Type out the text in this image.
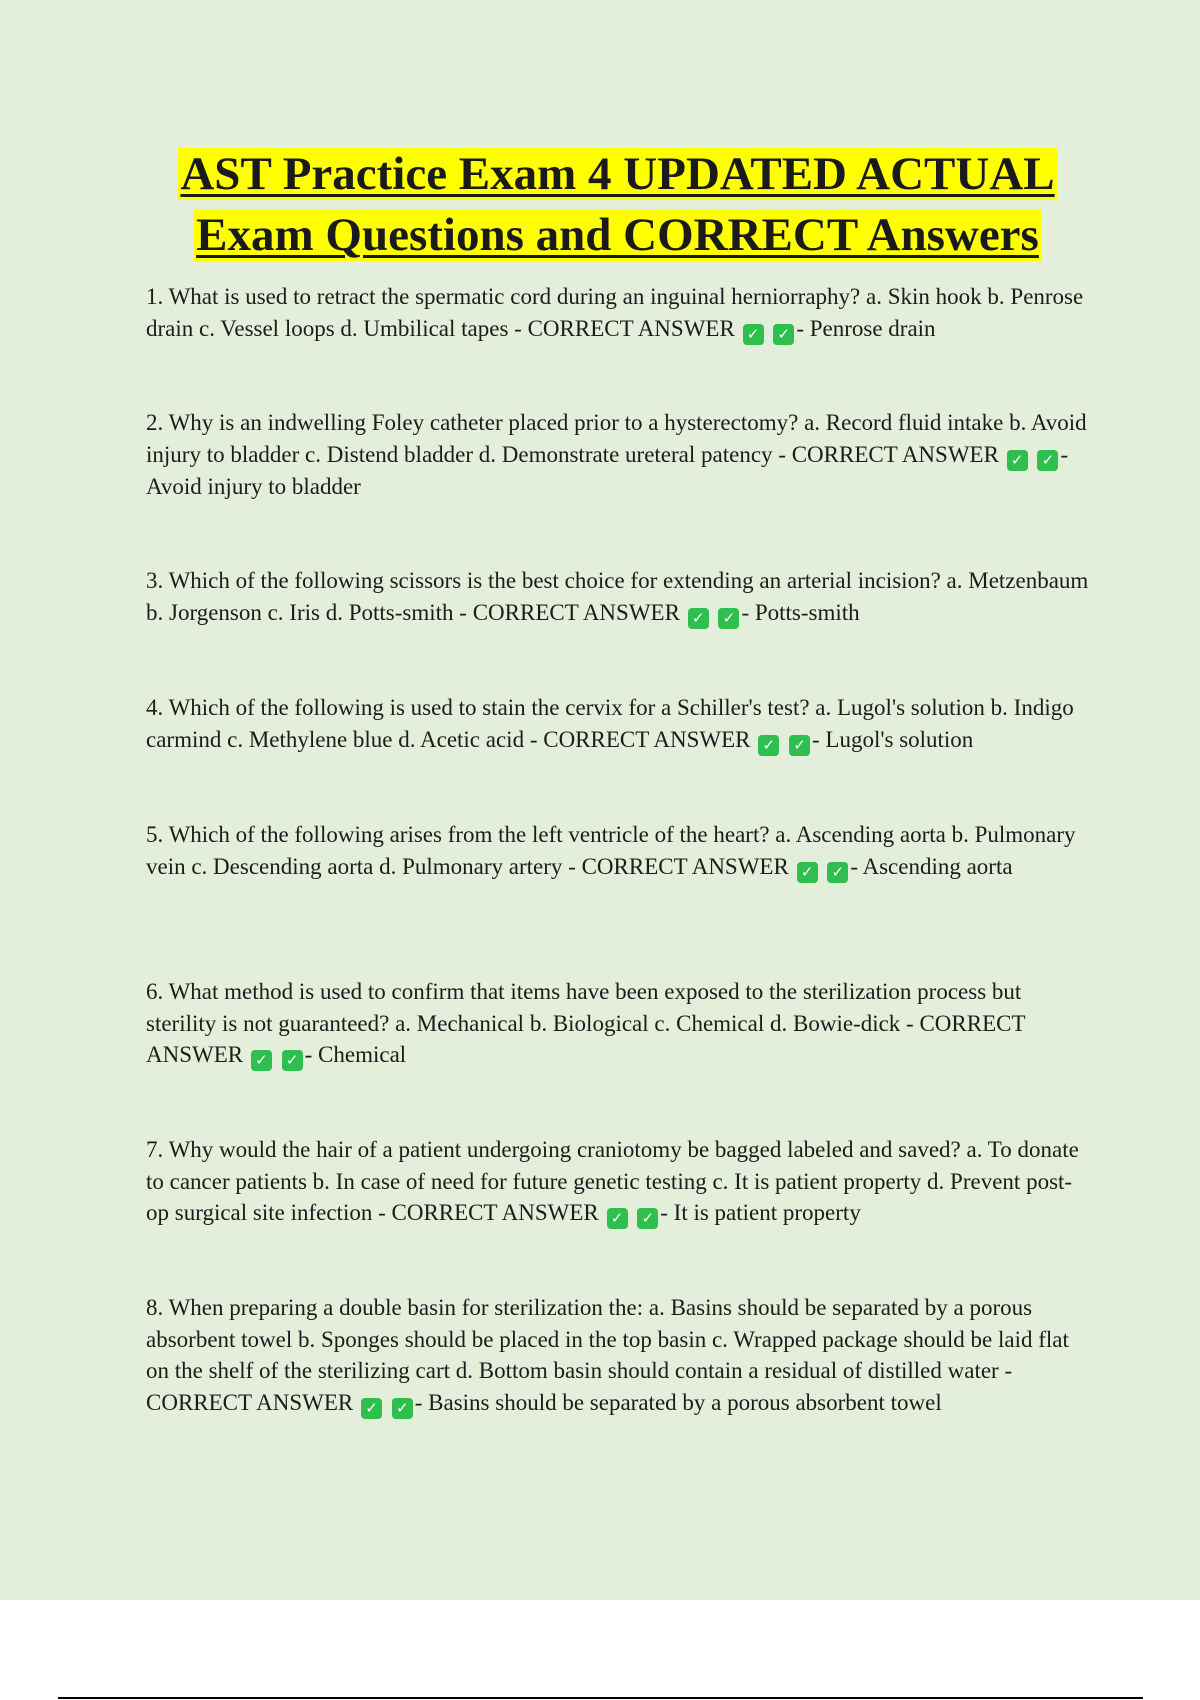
AST Practice Exam 4 UPDATED ACTUAL
Exam Questions and CORRECT Answers

1. What is used to retract the spermatic cord during an inguinal herniorraphy? a. Skin hook b. Penrose drain c. Vessel loops d. Umbilical tapes - CORRECT ANSWER ✓ ✓ - Penrose drain

2. Why is an indwelling Foley catheter placed prior to a hysterectomy? a. Record fluid intake b. Avoid injury to bladder c. Distend bladder d. Demonstrate ureteral patency - CORRECT ANSWER ✓ ✓ - Avoid injury to bladder

3. Which of the following scissors is the best choice for extending an arterial incision? a. Metzenbaum b. Jorgenson c. Iris d. Potts-smith - CORRECT ANSWER ✓ ✓ - Potts-smith

4. Which of the following is used to stain the cervix for a Schiller's test? a. Lugol's solution b. Indigo carmind c. Methylene blue d. Acetic acid - CORRECT ANSWER ✓ ✓ - Lugol's solution

5. Which of the following arises from the left ventricle of the heart? a. Ascending aorta b. Pulmonary vein c. Descending aorta d. Pulmonary artery - CORRECT ANSWER ✓ ✓ - Ascending aorta

6. What method is used to confirm that items have been exposed to the sterilization process but sterility is not guaranteed? a. Mechanical b. Biological c. Chemical d. Bowie-dick - CORRECT ANSWER ✓ ✓ - Chemical

7. Why would the hair of a patient undergoing craniotomy be bagged labeled and saved? a. To donate to cancer patients b. In case of need for future genetic testing c. It is patient property d. Prevent post-op surgical site infection - CORRECT ANSWER ✓ ✓ - It is patient property

8. When preparing a double basin for sterilization the: a. Basins should be separated by a porous absorbent towel b. Sponges should be placed in the top basin c. Wrapped package should be laid flat on the shelf of the sterilizing cart d. Bottom basin should contain a residual of distilled water - CORRECT ANSWER ✓ ✓ - Basins should be separated by a porous absorbent towel
